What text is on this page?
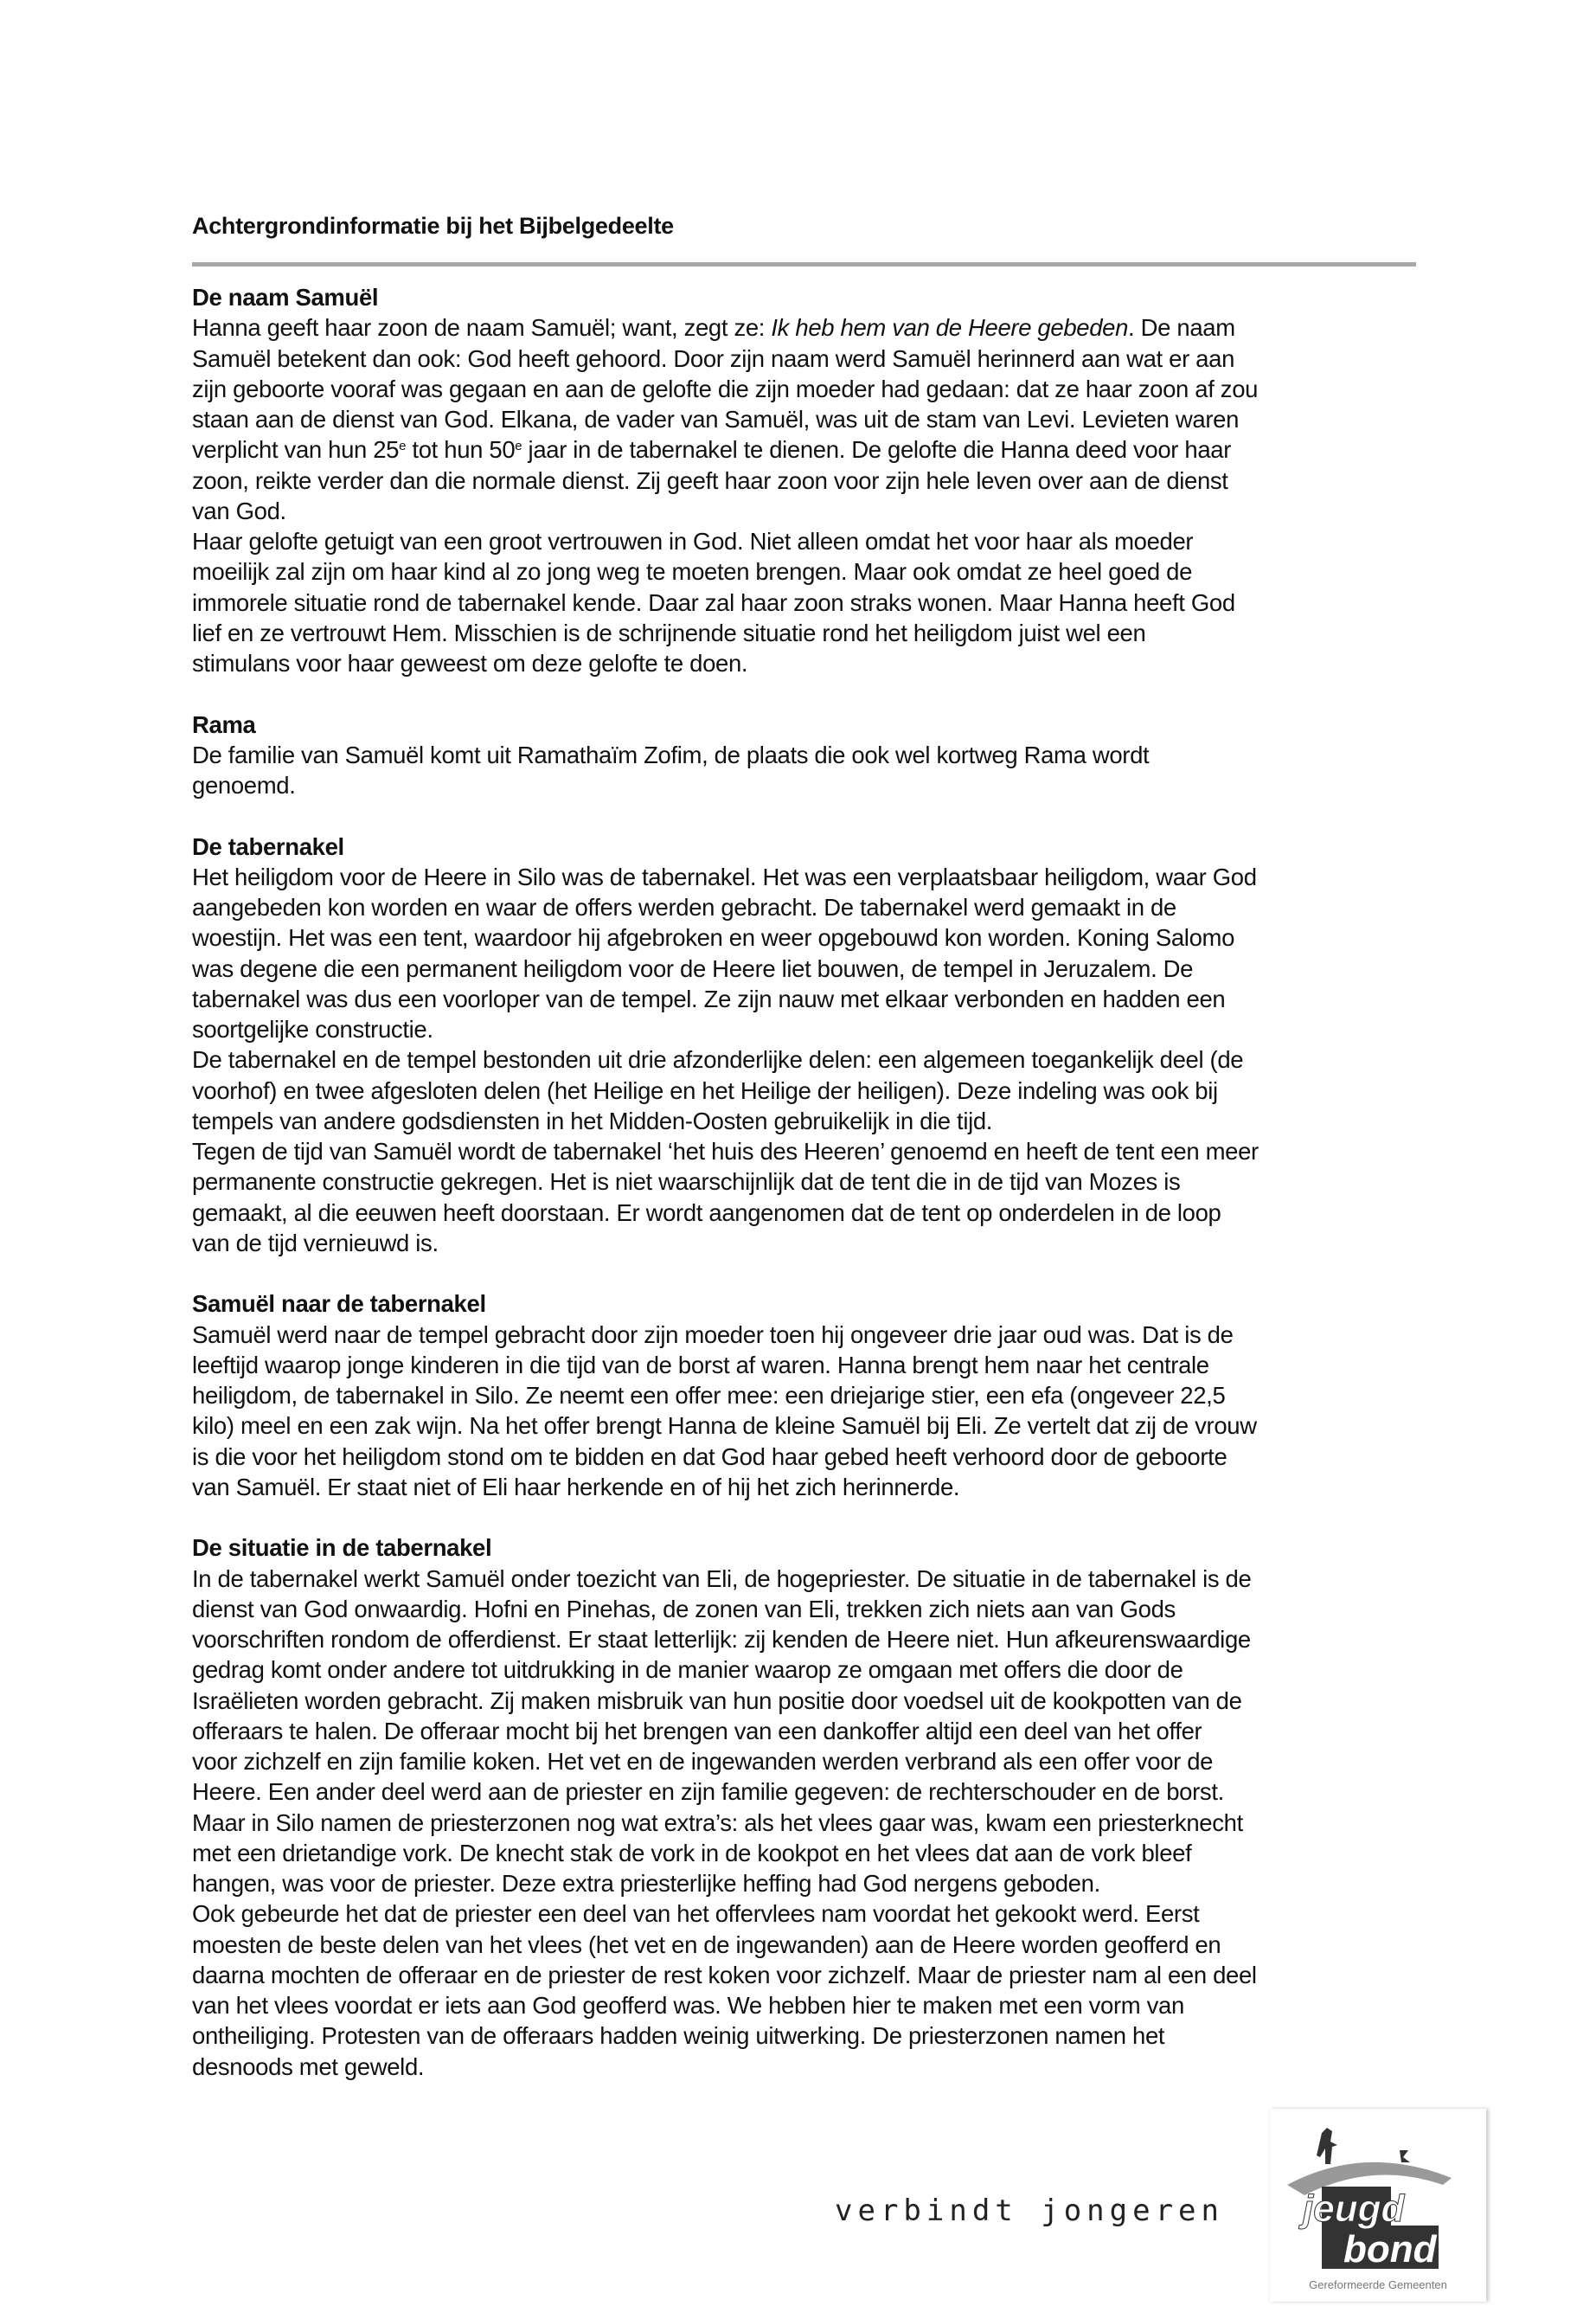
Achtergrondinformatie bij het Bijbelgedeelte
De naam Samuël
Hanna geeft haar zoon de naam Samuël; want, zegt ze: Ik heb hem van de Heere gebeden. De naam
Samuël betekent dan ook: God heeft gehoord. Door zijn naam werd Samuël herinnerd aan wat er aan
zijn geboorte vooraf was gegaan en aan de gelofte die zijn moeder had gedaan: dat ze haar zoon af zou
staan aan de dienst van God. Elkana, de vader van Samuël, was uit de stam van Levi. Levieten waren
verplicht van hun 25e tot hun 50e jaar in de tabernakel te dienen. De gelofte die Hanna deed voor haar
zoon, reikte verder dan die normale dienst. Zij geeft haar zoon voor zijn hele leven over aan de dienst
van God.
Haar gelofte getuigt van een groot vertrouwen in God. Niet alleen omdat het voor haar als moeder
moeilijk zal zijn om haar kind al zo jong weg te moeten brengen. Maar ook omdat ze heel goed de
immorele situatie rond de tabernakel kende. Daar zal haar zoon straks wonen. Maar Hanna heeft God
lief en ze vertrouwt Hem. Misschien is de schrijnende situatie rond het heiligdom juist wel een
stimulans voor haar geweest om deze gelofte te doen.
Rama
De familie van Samuël komt uit Ramathaïm Zofim, de plaats die ook wel kortweg Rama wordt
genoemd.
De tabernakel
Het heiligdom voor de Heere in Silo was de tabernakel. Het was een verplaatsbaar heiligdom, waar God
aangebeden kon worden en waar de offers werden gebracht. De tabernakel werd gemaakt in de
woestijn. Het was een tent, waardoor hij afgebroken en weer opgebouwd kon worden. Koning Salomo
was degene die een permanent heiligdom voor de Heere liet bouwen, de tempel in Jeruzalem. De
tabernakel was dus een voorloper van de tempel. Ze zijn nauw met elkaar verbonden en hadden een
soortgelijke constructie.
De tabernakel en de tempel bestonden uit drie afzonderlijke delen: een algemeen toegankelijk deel (de
voorhof) en twee afgesloten delen (het Heilige en het Heilige der heiligen). Deze indeling was ook bij
tempels van andere godsdiensten in het Midden-Oosten gebruikelijk in die tijd.
Tegen de tijd van Samuël wordt de tabernakel ‘het huis des Heeren’ genoemd en heeft de tent een meer
permanente constructie gekregen. Het is niet waarschijnlijk dat de tent die in de tijd van Mozes is
gemaakt, al die eeuwen heeft doorstaan. Er wordt aangenomen dat de tent op onderdelen in de loop
van de tijd vernieuwd is.
Samuël naar de tabernakel
Samuël werd naar de tempel gebracht door zijn moeder toen hij ongeveer drie jaar oud was. Dat is de
leeftijd waarop jonge kinderen in die tijd van de borst af waren. Hanna brengt hem naar het centrale
heiligdom, de tabernakel in Silo. Ze neemt een offer mee: een driejarige stier, een efa (ongeveer 22,5
kilo) meel en een zak wijn. Na het offer brengt Hanna de kleine Samuël bij Eli. Ze vertelt dat zij de vrouw
is die voor het heiligdom stond om te bidden en dat God haar gebed heeft verhoord door de geboorte
van Samuël. Er staat niet of Eli haar herkende en of hij het zich herinnerde.
De situatie in de tabernakel
In de tabernakel werkt Samuël onder toezicht van Eli, de hogepriester. De situatie in de tabernakel is de
dienst van God onwaardig. Hofni en Pinehas, de zonen van Eli, trekken zich niets aan van Gods
voorschriften rondom de offerdienst. Er staat letterlijk: zij kenden de Heere niet. Hun afkeurenswaardige
gedrag komt onder andere tot uitdrukking in de manier waarop ze omgaan met offers die door de
Israëlieten worden gebracht. Zij maken misbruik van hun positie door voedsel uit de kookpotten van de
offeraars te halen. De offeraar mocht bij het brengen van een dankoffer altijd een deel van het offer
voor zichzelf en zijn familie koken. Het vet en de ingewanden werden verbrand als een offer voor de
Heere. Een ander deel werd aan de priester en zijn familie gegeven: de rechterschouder en de borst.
Maar in Silo namen de priesterzonen nog wat extra’s: als het vlees gaar was, kwam een priesterknecht
met een drietandige vork. De knecht stak de vork in de kookpot en het vlees dat aan de vork bleef
hangen, was voor de priester. Deze extra priesterlijke heffing had God nergens geboden.
Ook gebeurde het dat de priester een deel van het offervlees nam voordat het gekookt werd. Eerst
moesten de beste delen van het vlees (het vet en de ingewanden) aan de Heere worden geofferd en
daarna mochten de offeraar en de priester de rest koken voor zichzelf. Maar de priester nam al een deel
van het vlees voordat er iets aan God geofferd was. We hebben hier te maken met een vorm van
ontheiliging. Protesten van de offeraars hadden weinig uitwerking. De priesterzonen namen het
desnoods met geweld.
verbindt jongeren jeugd
bond
Gereformeerde Gemeenten
